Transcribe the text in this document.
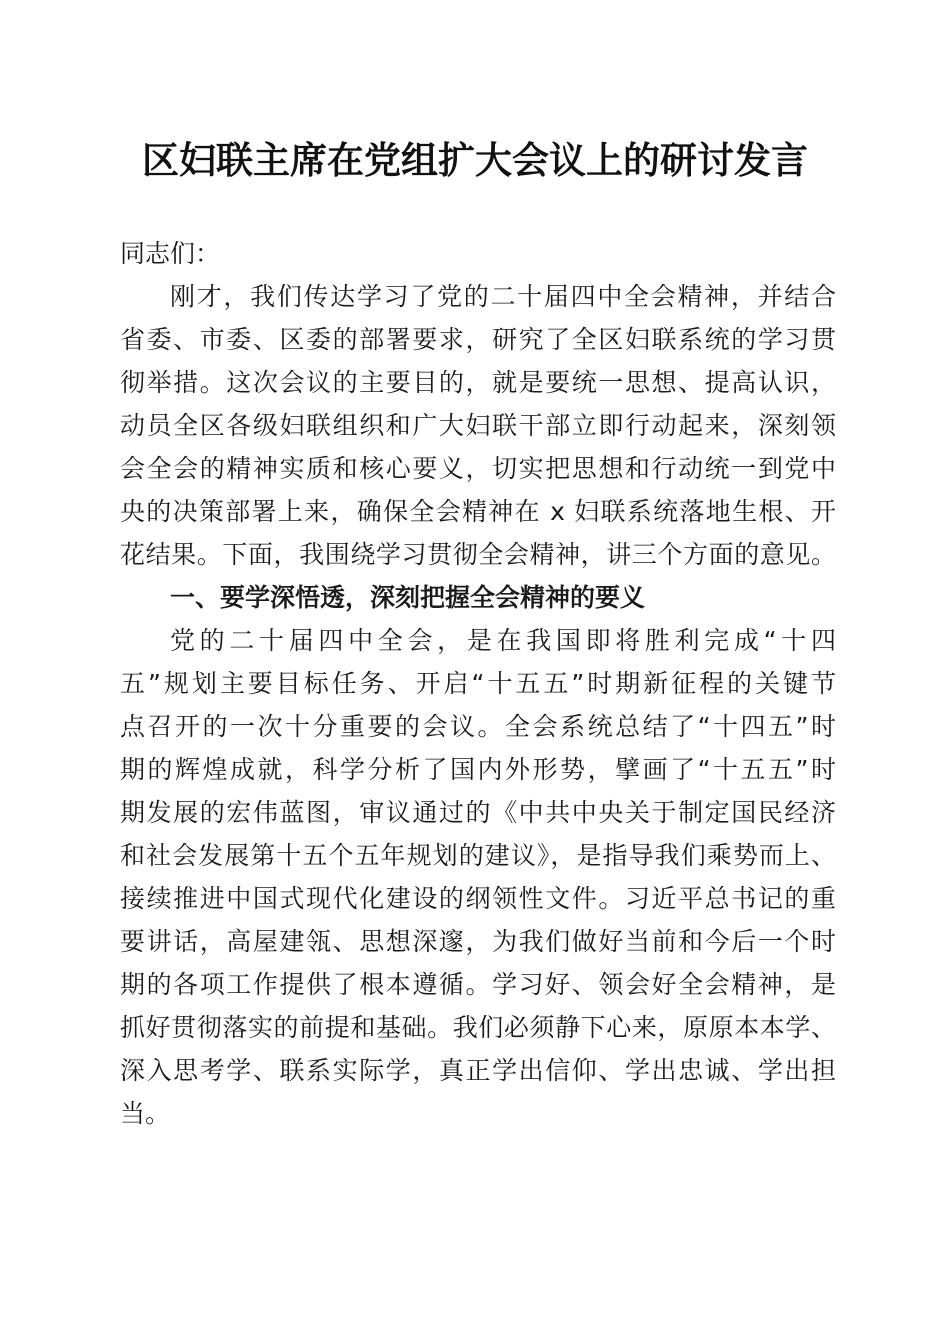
区妇联主席在党组扩大会议上的研讨发言
同志们：
刚才，我们传达学习了党的二十届四中全会精神，并结合
省委、市委、区委的部署要求，研究了全区妇联系统的学习贯
彻举措。这次会议的主要目的，就是要统一思想、提高认识，
动员全区各级妇联组织和广大妇联干部立即行动起来，深刻领
会全会的精神实质和核心要义，切实把思想和行动统一到党中
央的决策部署上来，确保全会精神在 x 妇联系统落地生根、开
花结果。下面，我围绕学习贯彻全会精神，讲三个方面的意见。
一、要学深悟透，深刻把握全会精神的要义
党的二十届四中全会，是在我国即将胜利完成“十四
五”规划主要目标任务、开启“十五五”时期新征程的关键节
点召开的一次十分重要的会议。全会系统总结了“十四五”时
期的辉煌成就，科学分析了国内外形势，擘画了“十五五”时
期发展的宏伟蓝图，审议通过的《中共中央关于制定国民经济
和社会发展第十五个五年规划的建议》，是指导我们乘势而上、
接续推进中国式现代化建设的纲领性文件。习近平总书记的重
要讲话，高屋建瓴、思想深邃，为我们做好当前和今后一个时
期的各项工作提供了根本遵循。学习好、领会好全会精神，是
抓好贯彻落实的前提和基础。我们必须静下心来，原原本本学、
深入思考学、联系实际学，真正学出信仰、学出忠诚、学出担
当。
